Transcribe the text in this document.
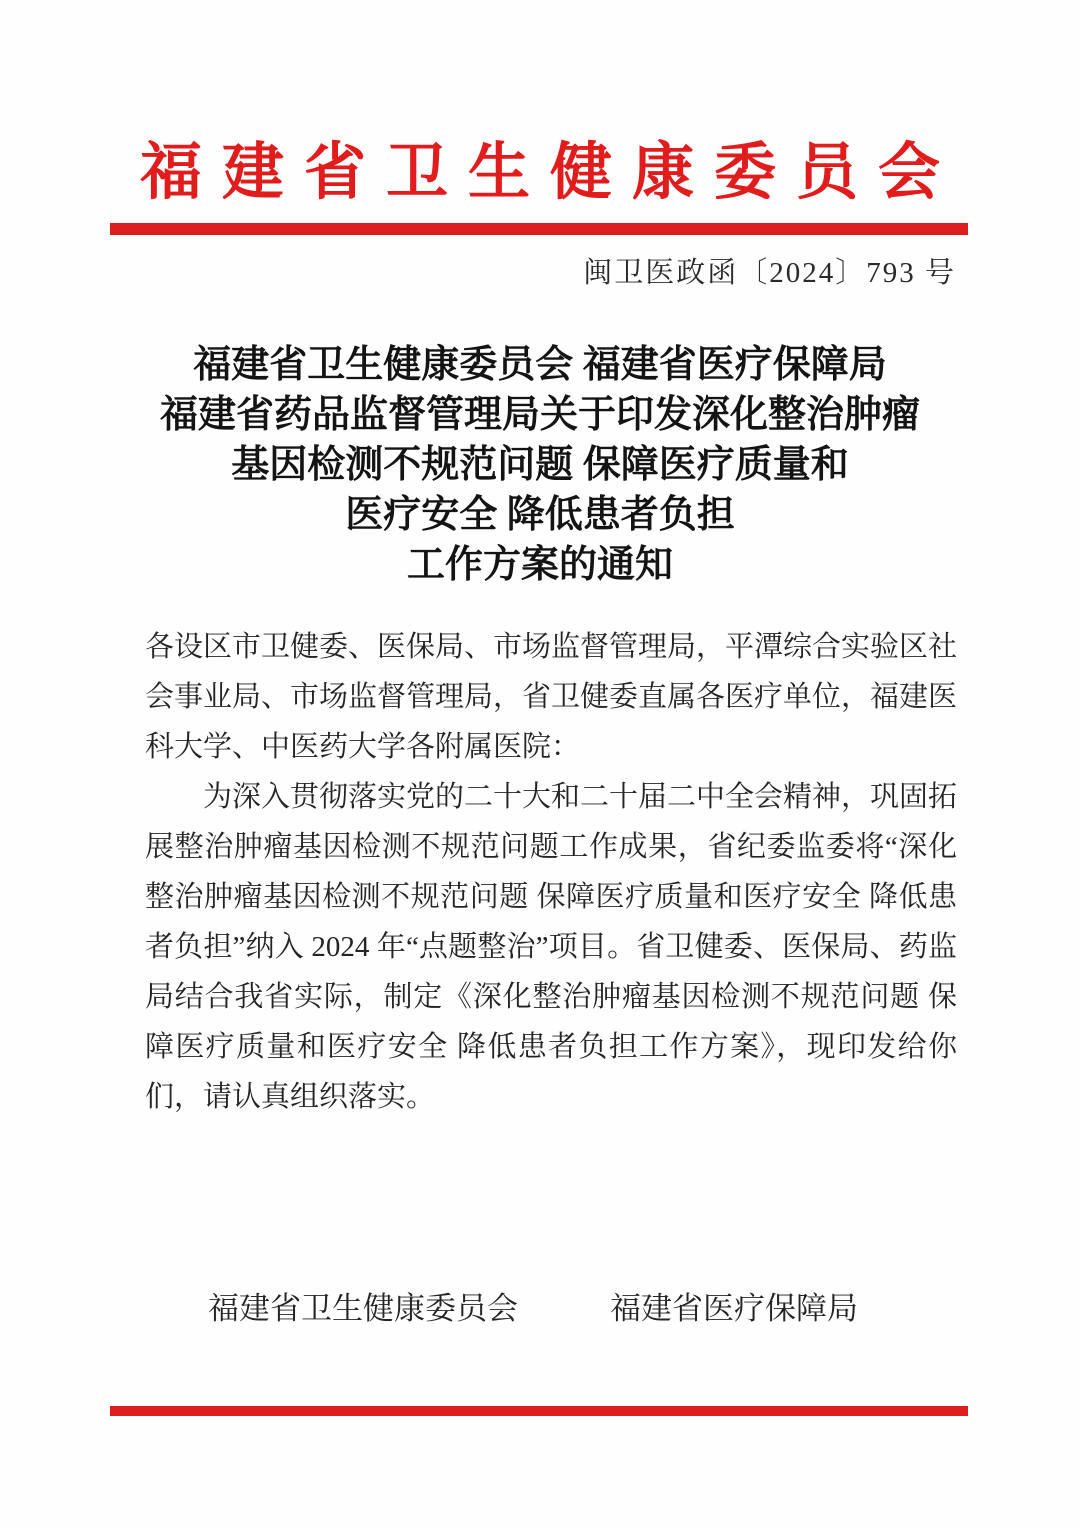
福建省卫生健康委员会
闽卫医政函〔2024〕793 号
福建省卫生健康委员会 福建省医疗保障局
福建省药品监督管理局关于印发深化整治肿瘤
基因检测不规范问题 保障医疗质量和
医疗安全 降低患者负担
工作方案的通知

各设区市卫健委、医保局、市场监督管理局，平潭综合实验区社会事业局、市场监督管理局，省卫健委直属各医疗单位，福建医科大学、中医药大学各附属医院：

为深入贯彻落实党的二十大和二十届二中全会精神，巩固拓展整治肿瘤基因检测不规范问题工作成果，省纪委监委将“深化整治肿瘤基因检测不规范问题 保障医疗质量和医疗安全 降低患者负担”纳入 2024 年“点题整治”项目。省卫健委、医保局、药监局结合我省实际，制定《深化整治肿瘤基因检测不规范问题 保障医疗质量和医疗安全 降低患者负担工作方案》，现印发给你们，请认真组织落实。

福建省卫生健康委员会	福建省医疗保障局
